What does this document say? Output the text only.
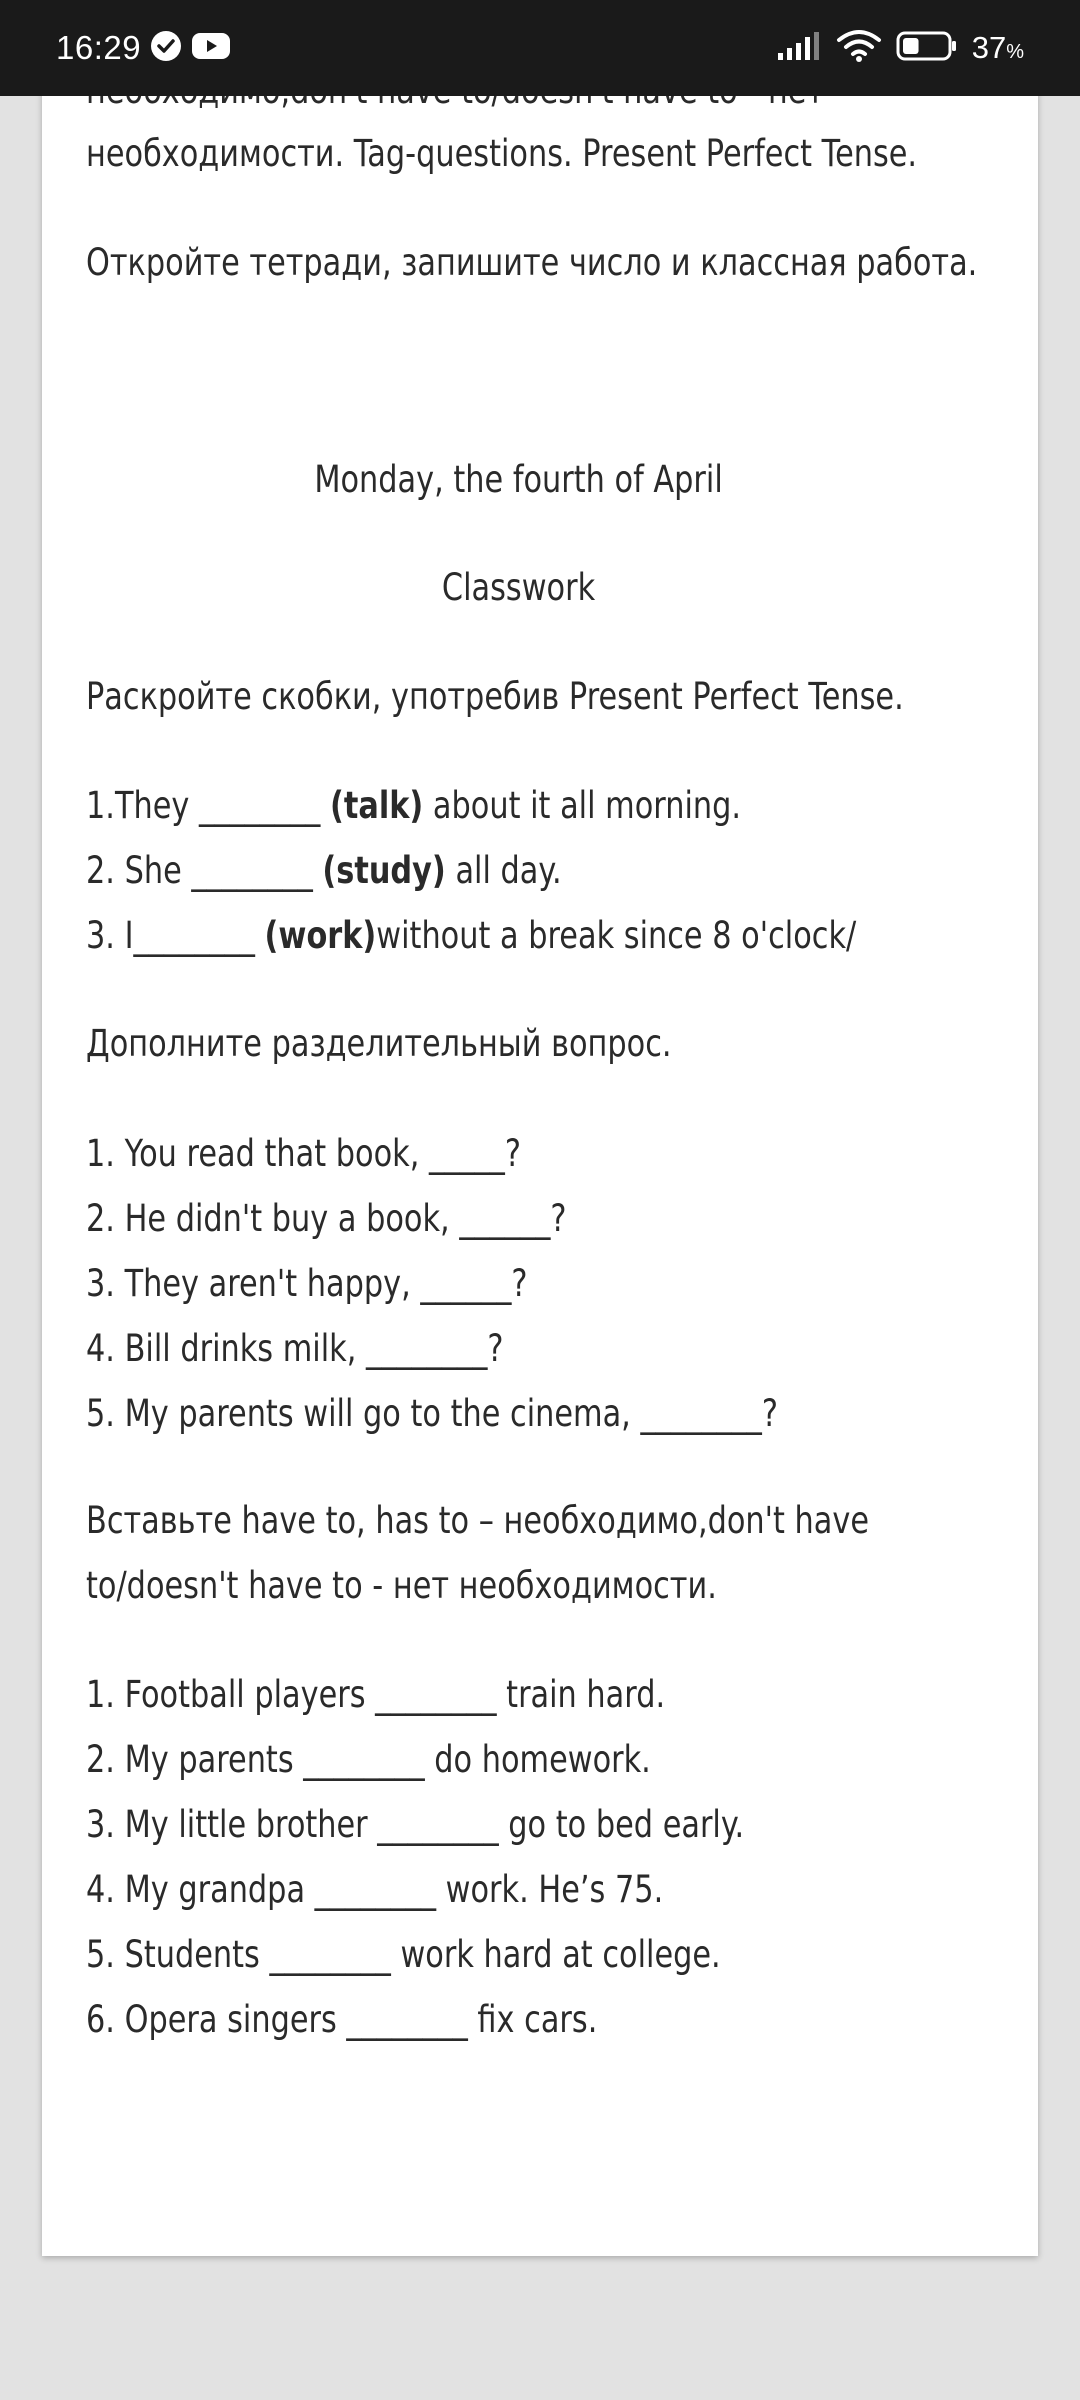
необходимости. Tag-questions. Present Perfect Tense.
Откройте тетради, запишите число и классная работа.
Monday, the fourth of April
Classwork
Раскройте скобки, употребив Present Perfect Tense.
1.They ________ (talk) about it all morning.
2. She ________ (study) all day.
3. I________ (work)without a break since 8 o'clock/
Дополните разделительный вопрос.
1. You read that book, _____?
2. He didn't buy a book, ______?
3. They aren't happy, ______?
4. Bill drinks milk, ________?
5. My parents will go to the cinema, ________?
Вставьте have to, has to – необходимо,don't have
to/doesn't have to - нет необходимости.
1. Football players ________ train hard.
2. My parents ________ do homework.
3. My little brother ________ go to bed early.
4. My grandpa ________ work. He’s 75.
5. Students ________ work hard at college.
6. Opera singers ________ fix cars.
16:29	37%
